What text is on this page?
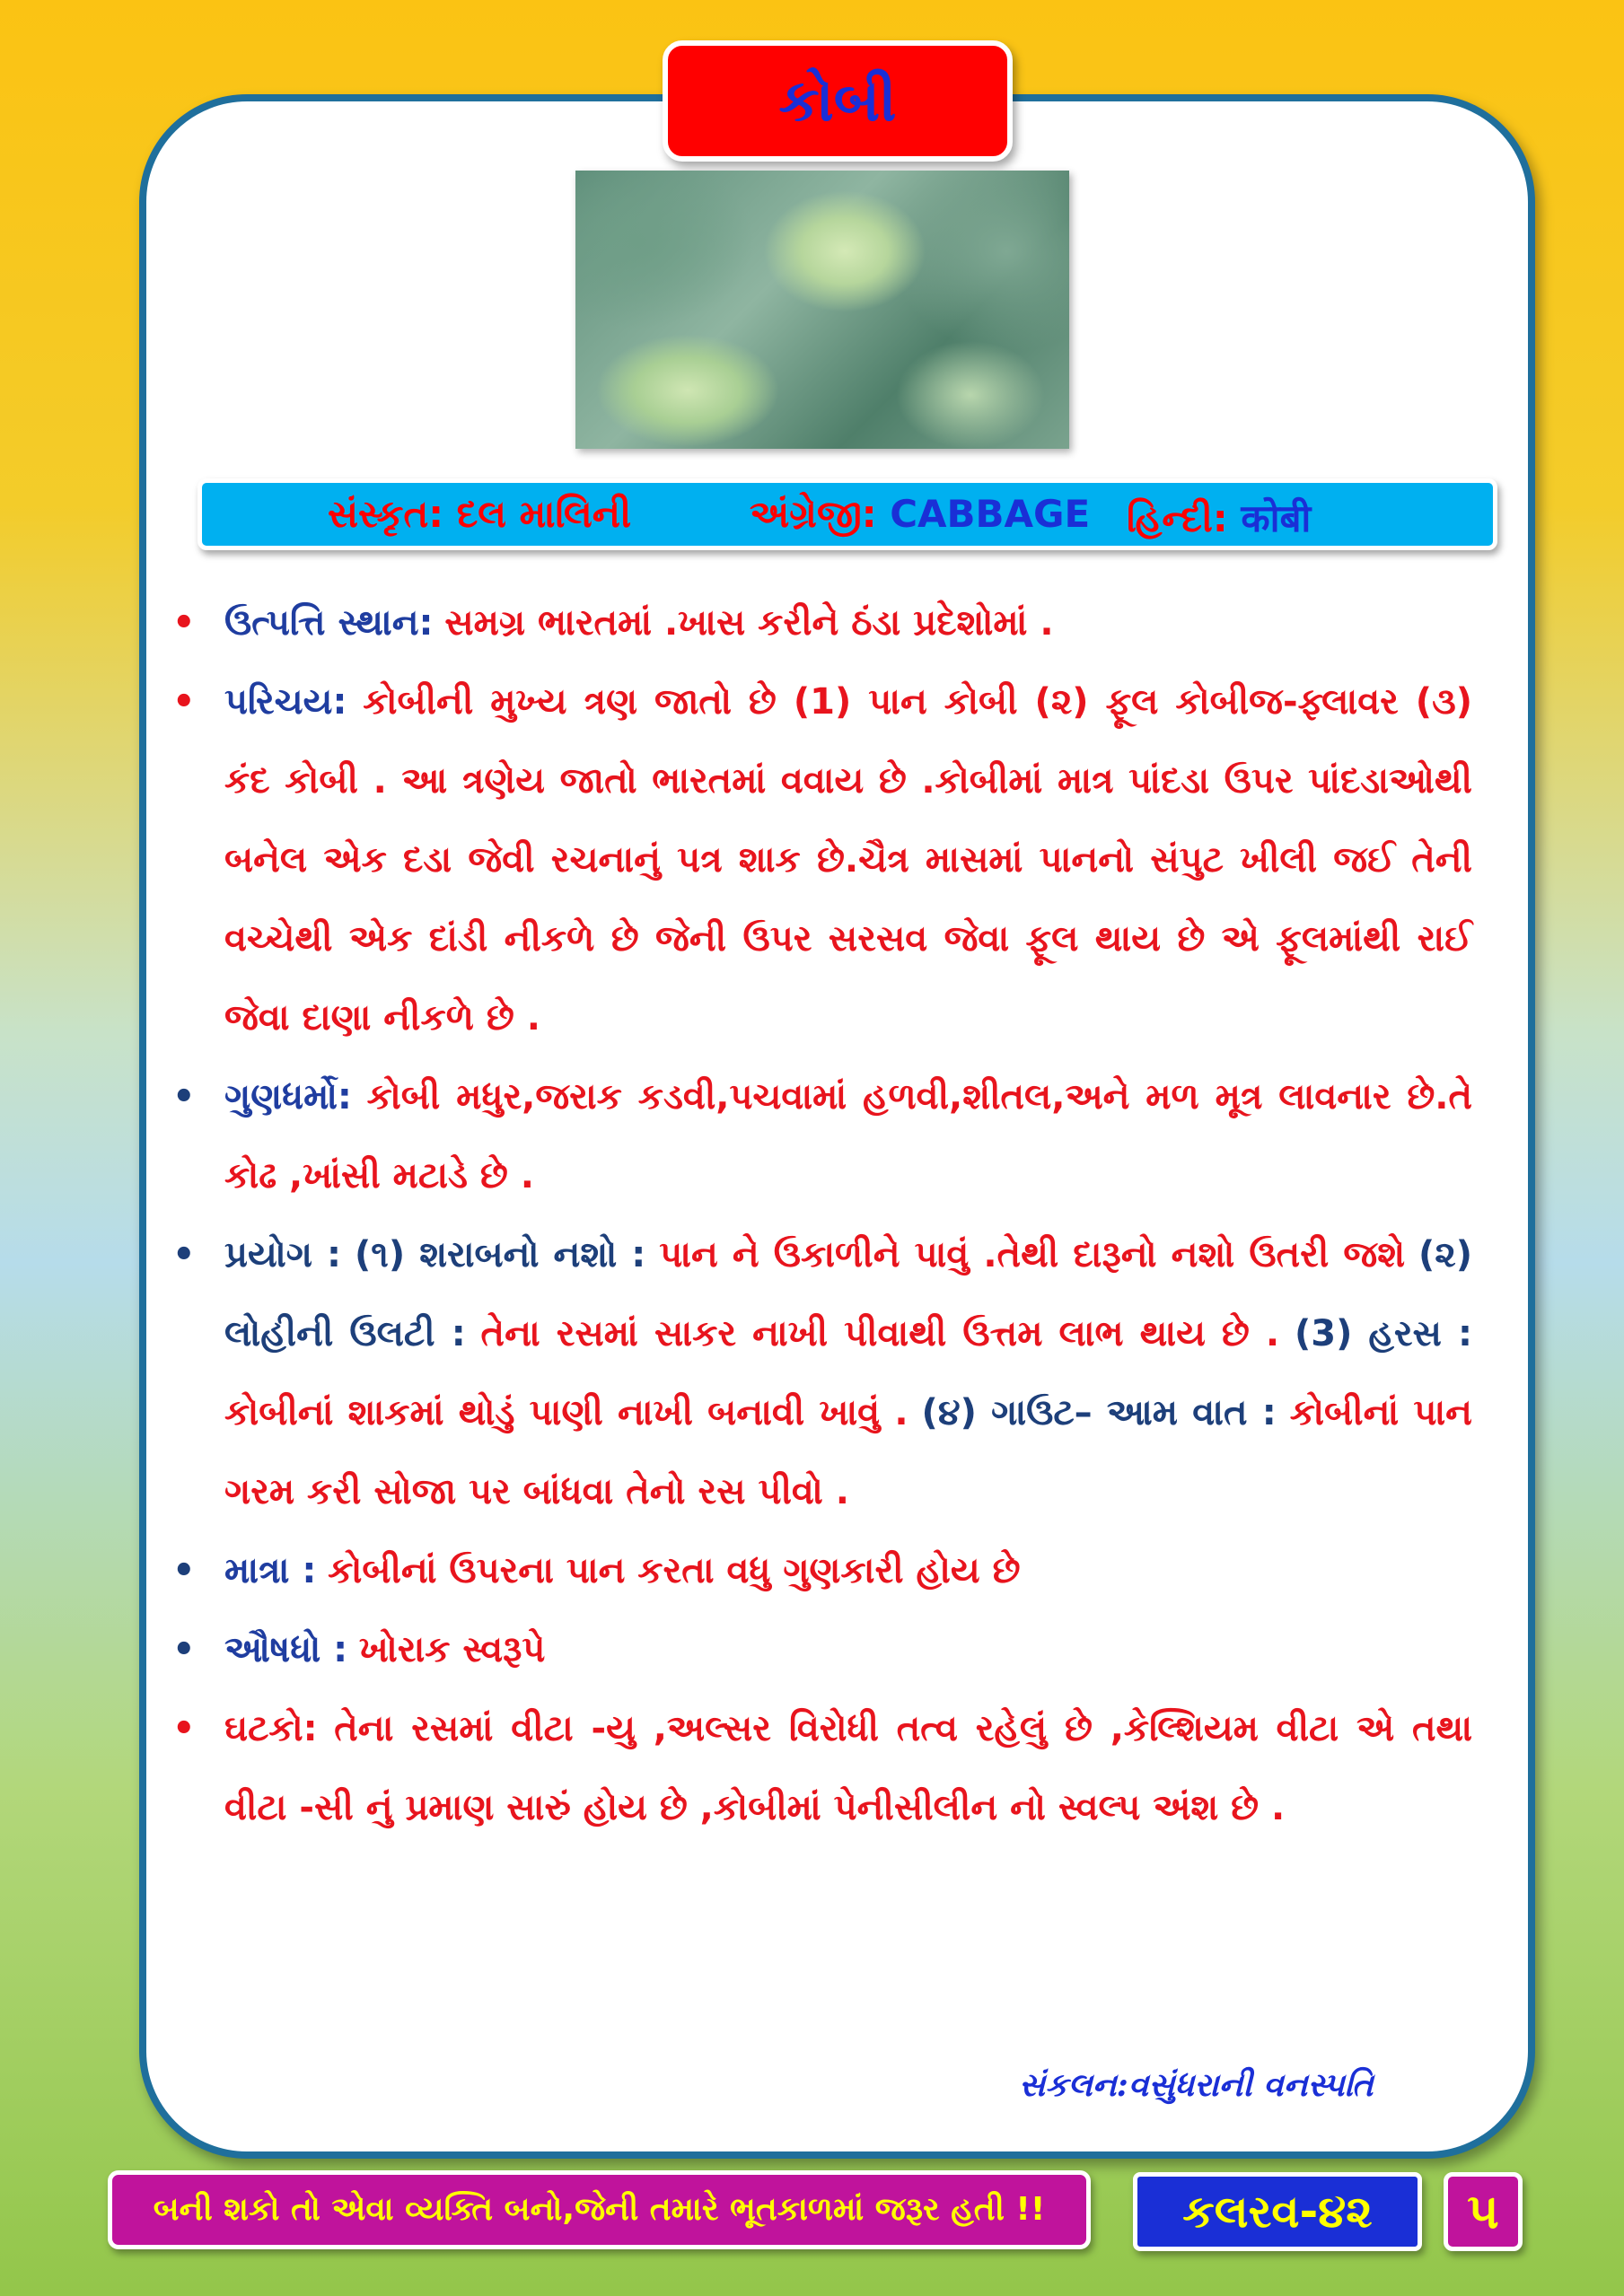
કોબી
સંસ્કૃત: દલ માલિની	અંગ્રેજી: CABBAGE હિન્દી: कोबी
• ઉત્પત્તિ સ્થાન: સમગ્ર ભારતમાં .ખાસ કરીને ઠંડા પ્રદેશોમાં .
• પરિચય: કોબીની મુખ્ય ત્રણ જાતો છે (1) પાન કોબી (૨) ફૂલ કોબીજ-ફ્લાવર (૩) કંદ કોબી . આ ત્રણેય જાતો ભારતમાં વવાય છે .કોબીમાં માત્ર પાંદડા ઉપર પાંદડાઓથી બનેલ એક દડા જેવી રચનાનું પત્ર શાક છે.ચૈત્ર માસમાં પાનનો સંપુટ ખીલી જઈ તેની વચ્ચેથી એક દાંડી નીકળે છે જેની ઉપર સરસવ જેવા ફૂલ થાય છે એ ફૂલમાંથી રાઈ જેવા દાણા નીકળે છે .
• ગુણધર્મો: કોબી મધુર,જરાક કડવી,પચવામાં હળવી,શીતલ,અને મળ મૂત્ર લાવનાર છે.તે કોઢ ,ખાંસી મટાડે છે .
• પ્રયોગ : (૧) શરાબનો નશો : પાન ને ઉકાળીને પાવું .તેથી દારૂનો નશો ઉતરી જશે (૨) લોહીની ઉલટી : તેના રસમાં સાકર નાખી પીવાથી ઉત્તમ લાભ થાય છે . (3) હરસ : કોબીનાં શાકમાં થોડું પાણી નાખી બનાવી ખાવું . (૪) ગાઉટ– આમ વાત : કોબીનાં પાન ગરમ કરી સોજા પર બાંધવા તેનો રસ પીવો .
• માત્રા : કોબીનાં ઉપરના પાન કરતા વધુ ગુણકારી હોય છે
• ઔષધો : ખોરાક સ્વરૂપે
• ઘટકો: તેના રસમાં વીટા -યુ ,અલ્સર વિરોધી તત્વ રહેલું છે ,કેલ્શિયમ વીટા એ તથા વીટા -સી નું પ્રમાણ સારું હોય છે ,કોબીમાં પેનીસીલીન નો સ્વલ્પ અંશ છે .
સંકલન:વસુંધરાની વનસ્પતિ
બની શકો તો એવા વ્યક્તિ બનો,જેની તમારે ભૂતકાળમાં જરૂર હતી !!	કલરવ-૪૨ ૫
